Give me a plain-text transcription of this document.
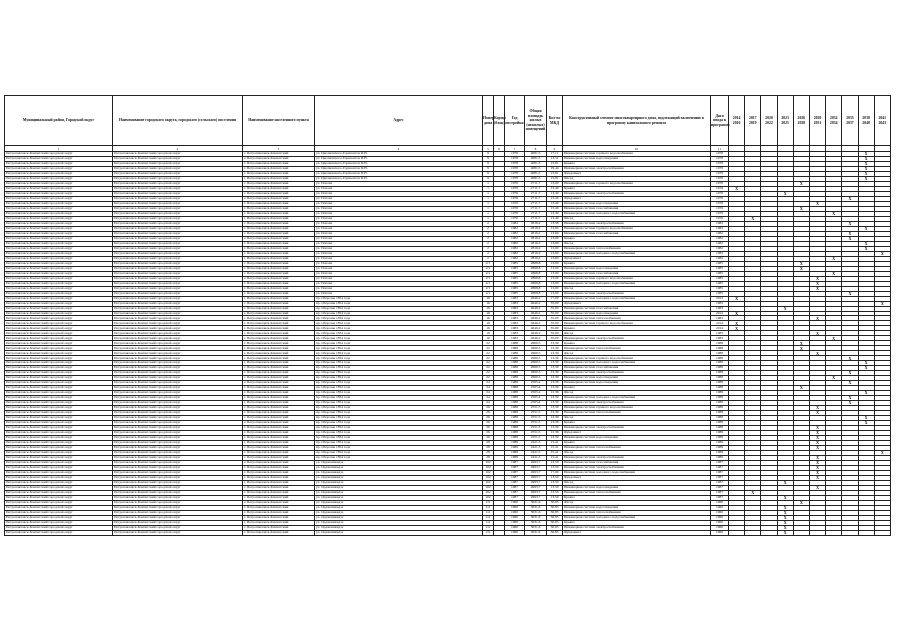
Муниципальный район, Городской округ	Наименование городского округа, городского (сельского) поселения	Наименование населенного пункта	Адрес	Номер дома	Корпус (блок)	Год постройки	Общая площадь жилых (нежилых) помещений	Кол-во МКД	Конструктивный элемент многоквартирного дома, подлежащий включению в программу капитального ремонта	Дата ввода в программу	2014 2016	2017 2019	2020 2022	2023 2025	2026 2028	2029 2031	2032 2034	2035 2037	2038 2040	2041 2043
1	2	3	4	5	6	7	8	9	10	11										
Петропавловск-Камчатский городской округ	Петропавловск-Камчатский городской округ	г. Петропавловск-Камчатский	ул. Циолковского-Горизонтов П.Н.	9		1978	4081,5	17,11	Инженерная система горячего водоснабжения	1978									X	
Петропавловск-Камчатский городской округ	Петропавловск-Камчатский городской округ	г. Петропавловск-Камчатский	ул. Циолковского-Горизонтов П.Н.	9		1978	4081,5	13,51	Инженерная система водоотведения	1978									X	
Петропавловск-Камчатский городской округ	Петропавловск-Камчатский городской округ	г. Петропавловск-Камчатский	ул. Циолковского-Горизонтов П.Н.	9		1978	4081,5	15,81	Крыша	1978									X	
Петропавловск-Камчатский городской округ	Петропавловск-Камчатский городской округ	г. Петропавловск-Камчатский	ул. Циолковского-Горизонтов П.Н.	9		1978	4081,5	29,44	Инженерная система электроснабжения	1978									X	
Петропавловск-Камчатский городской округ	Петропавловск-Камчатский городской округ	г. Петропавловск-Камчатский	ул. Циолковского-Горизонтов П.Н.	9		1978	4081,5	15,81	Фундамент	1978									X	
Петропавловск-Камчатский городской округ	Петропавловск-Камчатский городской округ	г. Петропавловск-Камчатский	ул. Циолковского-Горизонтов П.Н.	9		1978	4081,5	15,81	Фасад	1978									X	
Петропавловск-Камчатский городской округ	Петропавловск-Камчатский городской округ	г. Петропавловск-Камчатский	ул. Попова	1		1976	2711,7	13,00	Инженерная система горячего водоснабжения	1976					X					
Петропавловск-Камчатский городской округ	Петропавловск-Камчатский городской округ	г. Петропавловск-Камчатский	ул. Попова	1		1976	2711,7	13,49	Крыша	1976	X									
Петропавловск-Камчатский городской округ	Петропавловск-Камчатский городской округ	г. Петропавловск-Камчатский	ул. Попова	1		1976	2711,7	13,49	Инженерная система электроснабжения	1976				X						
Петропавловск-Камчатский городской округ	Петропавловск-Камчатский городской округ	г. Петропавловск-Камчатский	ул. Попова	1		1976	2711,7	13,49	Фундамент	1976								X		
Петропавловск-Камчатский городской округ	Петропавловск-Камчатский городской округ	г. Петропавловск-Камчатский	ул. Попова	1		1976	2711,7	13,49	Инженерная система водоотведения	1976						X				
Петропавловск-Камчатский городской округ	Петропавловск-Камчатский городской округ	г. Петропавловск-Камчатский	ул. Попова	1		1976	2711,7	13,49	Инженерная система газоснабжения	1976					X					
Петропавловск-Камчатский городской округ	Петропавловск-Камчатский городской округ	г. Петропавловск-Камчатский	ул. Попова	1		1976	2711,7	13,49	Инженерная система холодного водоснабжения	1976							X			
Петропавловск-Камчатский городской округ	Петропавловск-Камчатский городской округ	г. Петропавловск-Камчатский	ул. Попова	1		1976	2711,7	13,49	Фасад	1976		X								
Петропавловск-Камчатский городской округ	Петропавловск-Камчатский городской округ	г. Петропавловск-Камчатский	ул. Попова	2		1982	2816,2	13,38	Инженерная система электроснабжения	1982								X		
Петропавловск-Камчатский городской округ	Петропавловск-Камчатский городской округ	г. Петропавловск-Камчатский	ул. Попова	2		1982	2816,2	13,84	Инженерная система горячего водоснабжения	1982									X	
Петропавловск-Камчатский городской округ	Петропавловск-Камчатский городской округ	г. Петропавловск-Камчатский	ул. Попова	2		1982	2816,2	13,60	Инженерная система газоснабжения	1982								X		
Петропавловск-Камчатский городской округ	Петропавловск-Камчатский городской округ	г. Петропавловск-Камчатский	ул. Попова	2		1982	2816,2	13,60	Крыша	1982								X		
Петропавловск-Камчатский городской округ	Петропавловск-Камчатский городской округ	г. Петропавловск-Камчатский	ул. Попова	2		1982	2816,2	13,60	Фасад	1982									X	
Петропавловск-Камчатский городской округ	Петропавловск-Камчатский городской округ	г. Петропавловск-Камчатский	ул. Попова	2		1982	2816,2	13,60	Инженерная система теплоснабжения	1982									X	
Петропавловск-Камчатский городской округ	Петропавловск-Камчатский городской округ	г. Петропавловск-Камчатский	ул. Попова	2		1982	2816,2	13,60	Инженерная система холодного водоснабжения	1982										X
Петропавловск-Камчатский городской округ	Петропавловск-Камчатский городской округ	г. Петропавловск-Камчатский	ул. Попова	2		1982	2816,2	13,60	Фундамент	1982							X			
Петропавловск-Камчатский городской округ	Петропавловск-Камчатский городской округ	г. Петропавловск-Камчатский	ул. Попова	2/1		1985	2868,8	13,00	Крыша	1985					X					
Петропавловск-Камчатский городской округ	Петропавловск-Камчатский городской округ	г. Петропавловск-Камчатский	ул. Попова	2/1		1985	2868,8	13,00	Инженерная система водоотведения	1985					X					
Петропавловск-Камчатский городской округ	Петропавловск-Камчатский городской округ	г. Петропавловск-Камчатский	ул. Попова	2/1		1985	2868,8	13,00	Инженерная система газоснабжения	1985							X			
Петропавловск-Камчатский городской округ	Петропавловск-Камчатский городской округ	г. Петропавловск-Камчатский	ул. Попова	2/1		1985	2868,8	13,00	Инженерная система горячего водоснабжения	1985						X				
Петропавловск-Камчатский городской округ	Петропавловск-Камчатский городской округ	г. Петропавловск-Камчатский	ул. Попова	2/1		1985	2868,8	13,00	Инженерная система холодного водоснабжения	1985						X				
Петропавловск-Камчатский городской округ	Петропавловск-Камчатский городской округ	г. Петропавловск-Камчатский	ул. Попова	2/1		1985	2868,8	13,00	Фасад	1985						X				
Петропавловск-Камчатский городской округ	Петропавловск-Камчатский городской округ	г. Петропавловск-Камчатский	ул. Попова	2/1		1985	2868,8	13,00	Инженерная система электроснабжения	1985								X		
Петропавловск-Камчатский городской округ	Петропавловск-Камчатский городской округ	г. Петропавловск-Камчатский	пр. Обороны 1854 года	16		1983	4646,2	17,00	Инженерная система холодного водоснабжения	2013	X									
Петропавловск-Камчатский городской округ	Петропавловск-Камчатский городской округ	г. Петропавловск-Камчатский	пр. Обороны 1854 года	16		1983	4646,2	35,00	Фундамент	1983										X
Петропавловск-Камчатский городской округ	Петропавловск-Камчатский городской округ	г. Петропавловск-Камчатский	пр. Обороны 1854 года	16		1983	4646,2	35,00	Инженерная система газоснабжения	1983				X						
Петропавловск-Камчатский городской округ	Петропавловск-Камчатский городской округ	г. Петропавловск-Камчатский	пр. Обороны 1854 года	16		1983	4646,2	35,00	Инженерная система водоотведения	2014	X									
Петропавловск-Камчатский городской округ	Петропавловск-Камчатский городской округ	г. Петропавловск-Камчатский	пр. Обороны 1854 года	16		1983	4646,2	35,00	Инженерная система теплоснабжения	1983						X				
Петропавловск-Камчатский городской округ	Петропавловск-Камчатский городской округ	г. Петропавловск-Камчатский	пр. Обороны 1854 года	16		1983	4646,2	35,00	Инженерная система горячего водоснабжения	2014	X									
Петропавловск-Камчатский городской округ	Петропавловск-Камчатский городской округ	г. Петропавловск-Камчатский	пр. Обороны 1854 года	16		1983	4646,2	35,00	Крыша	2014	X									
Петропавловск-Камчатский городской округ	Петропавловск-Камчатский городской округ	г. Петропавловск-Камчатский	пр. Обороны 1854 года	16		1983	4646,2	35,00	Фасад	1983						X				
Петропавловск-Камчатский городской округ	Петропавловск-Камчатский городской округ	г. Петропавловск-Камчатский	пр. Обороны 1854 года	16		1983	4646,2	35,00	Инженерная система электроснабжения	1983							X			
Петропавловск-Камчатский городской округ	Петропавловск-Камчатский городской округ	г. Петропавловск-Камчатский	пр. Обороны 1854 года	22		1988	2660,5	13,39	Крыша	1988					X					
Петропавловск-Камчатский городской округ	Петропавловск-Камчатский городской округ	г. Петропавловск-Камчатский	пр. Обороны 1854 года	22		1988	2660,5	13,39	Инженерная система теплоснабжения	1988					X					
Петропавловск-Камчатский городской округ	Петропавловск-Камчатский городской округ	г. Петропавловск-Камчатский	пр. Обороны 1854 года	22		1988	2660,5	13,39	Фасад	1988						X				
Петропавловск-Камчатский городской округ	Петропавловск-Камчатский городской округ	г. Петропавловск-Камчатский	пр. Обороны 1854 года	22		1988	2660,5	13,39	Инженерная система горячего водоснабжения	1988								X		
Петропавловск-Камчатский городской округ	Петропавловск-Камчатский городской округ	г. Петропавловск-Камчатский	пр. Обороны 1854 года	22		1988	2660,5	13,39	Инженерная система холодного водоснабжения	1988									X	
Петропавловск-Камчатский городской округ	Петропавловск-Камчатский городской округ	г. Петропавловск-Камчатский	пр. Обороны 1854 года	22		1988	2660,5	13,39	Инженерная система газоснабжения	1988									X	
Петропавловск-Камчатский городской округ	Петропавловск-Камчатский городской округ	г. Петропавловск-Камчатский	пр. Обороны 1854 года	22		1988	2660,5	13,39	Инженерная система электроснабжения	1988								X		
Петропавловск-Камчатский городской округ	Петропавловск-Камчатский городской округ	г. Петропавловск-Камчатский	пр. Обороны 1854 года	22		1988	2660,5	13,39	Инженерная система водоотведения	1988							X			
Петропавловск-Камчатский городской округ	Петропавловск-Камчатский городской округ	г. Петропавловск-Камчатский	пр. Обороны 1854 года	24		1988	2565,4	13,39	Инженерная система водоотведения	1988								X		
Петропавловск-Камчатский городской округ	Петропавловск-Камчатский городской округ	г. Петропавловск-Камчатский	пр. Обороны 1854 года	24		1988	2565,4	13,39	Крыша	1988					X					
Петропавловск-Камчатский городской округ	Петропавловск-Камчатский городской округ	г. Петропавловск-Камчатский	пр. Обороны 1854 года	24		1988	2565,4	13,39	Фасад	1988									X	
Петропавловск-Камчатский городской округ	Петропавловск-Камчатский городской округ	г. Петропавловск-Камчатский	пр. Обороны 1854 года	24		1988	2565,4	13,39	Инженерная система холодного водоснабжения	1988								X		
Петропавловск-Камчатский городской округ	Петропавловск-Камчатский городской округ	г. Петропавловск-Камчатский	пр. Обороны 1854 года	24		1988	2565,4	13,39	Инженерная система электроснабжения	1988								X		
Петропавловск-Камчатский городской округ	Петропавловск-Камчатский городской округ	г. Петропавловск-Камчатский	пр. Обороны 1854 года	26		1988	2551,5	13,39	Инженерная система горячего водоснабжения	1988						X				
Петропавловск-Камчатский городской округ	Петропавловск-Камчатский городской округ	г. Петропавловск-Камчатский	пр. Обороны 1854 года	26		1988	2551,5	13,39	Инженерная система теплоснабжения	1988						X				
Петропавловск-Камчатский городской округ	Петропавловск-Камчатский городской округ	г. Петропавловск-Камчатский	пр. Обороны 1854 года	26		1988	2551,5	13,39	Фасад	1988									X	
Петропавловск-Камчатский городской округ	Петропавловск-Камчатский городской округ	г. Петропавловск-Камчатский	пр. Обороны 1854 года	26		1988	2551,5	13,39	Крыша	1988									X	
Петропавловск-Камчатский городской округ	Петропавловск-Камчатский городской округ	г. Петропавловск-Камчатский	пр. Обороны 1854 года	26		1988	2551,5	13,39	Инженерная система электроснабжения	1988						X				
Петропавловск-Камчатский городской округ	Петропавловск-Камчатский городской округ	г. Петропавловск-Камчатский	пр. Обороны 1854 года	26		1988	2551,5	13,39	Фундамент	1988						X				
Петропавловск-Камчатский городской округ	Петропавловск-Камчатский городской округ	г. Петропавловск-Камчатский	пр. Обороны 1854 года	26		1988	2551,5	13,39	Инженерная система водоотведения	1988						X				
Петропавловск-Камчатский городской округ	Петропавловск-Камчатский городской округ	г. Петропавловск-Камчатский	пр. Обороны 1854 года	28		1989	2421,5	15,41	Крыша	1989						X				
Петропавловск-Камчатский городской округ	Петропавловск-Камчатский городской округ	г. Петропавловск-Камчатский	пр. Обороны 1854 года	28		1989	2421,5	15,41	Инженерная система теплоснабжения	1989						X				
Петропавловск-Камчатский городской округ	Петропавловск-Камчатский городской округ	г. Петропавловск-Камчатский	пр. Обороны 1854 года	28		1989	2421,5	15,41	Фасад	1989										X
Петропавловск-Камчатский городской округ	Петропавловск-Камчатский городской округ	г. Петропавловск-Камчатский	пр. Обороны 1854 года	28		1989	2421,5	15,41	Инженерная система электроснабжения	1989						X				
Петропавловск-Камчатский городской округ	Петропавловск-Камчатский городской округ	г. Петропавловск-Камчатский	ул. Орджоникидзе	102		1987	4993,7	13,50	Инженерная система газоснабжения	1987						X				
Петропавловск-Камчатский городской округ	Петропавловск-Камчатский городской округ	г. Петропавловск-Камчатский	ул. Орджоникидзе	102		1987	4993,7	13,50	Инженерная система электроснабжения	1987						X				
Петропавловск-Камчатский городской округ	Петропавловск-Камчатский городской округ	г. Петропавловск-Камчатский	ул. Орджоникидзе	102		1987	4993,7	17,00	Инженерная система холодного водоснабжения	1987						X				
Петропавловск-Камчатский городской округ	Петропавловск-Камчатский городской округ	г. Петропавловск-Камчатский	ул. Орджоникидзе	102		1987	4993,7	13,50	Фундамент	1987						X				
Петропавловск-Камчатский городской округ	Петропавловск-Камчатский городской округ	г. Петропавловск-Камчатский	ул. Орджоникидзе	102		1987	4993,7	13,50	Фасад	1987				X						
Петропавловск-Камчатский городской округ	Петропавловск-Камчатский городской округ	г. Петропавловск-Камчатский	ул. Орджоникидзе	102		1987	4993,7	13,50	Инженерная система водоотведения	1987						X				
Петропавловск-Камчатский городской округ	Петропавловск-Камчатский городской округ	г. Петропавловск-Камчатский	ул. Орджоникидзе	102		1987	4993,7	13,50	Инженерная система теплоснабжения	1987		X								
Петропавловск-Камчатский городской округ	Петропавловск-Камчатский городской округ	г. Петропавловск-Камчатский	ул. Орджоникидзе	102		1987	4993,7	13,50	Крыша	1987				X						
Петропавловск-Камчатский городской округ	Петропавловск-Камчатский городской округ	г. Петропавловск-Камчатский	ул. Орджоникидзе	111		1960	3031,6	30,85	Фасад	1960					X					
Петропавловск-Камчатский городской округ	Петропавловск-Камчатский городской округ	г. Петропавловск-Камчатский	ул. Орджоникидзе	111		1960	3031,6	30,85	Инженерная система водоотведения	1960				X						
Петропавловск-Камчатский городской округ	Петропавловск-Камчатский городской округ	г. Петропавловск-Камчатский	ул. Орджоникидзе	111		1960	3031,6	30,85	Инженерная система теплоснабжения	1960				X						
Петропавловск-Камчатский городской округ	Петропавловск-Камчатский городской округ	г. Петропавловск-Камчатский	ул. Орджоникидзе	111		1960	3031,6	30,85	Инженерная система холодного водоснабжения	1960				X						
Петропавловск-Камчатский городской округ	Петропавловск-Камчатский городской округ	г. Петропавловск-Камчатский	ул. Орджоникидзе	111		1960	3031,6	30,85	Крыша	1960				X						
Петропавловск-Камчатский городской округ	Петропавловск-Камчатский городской округ	г. Петропавловск-Камчатский	ул. Орджоникидзе	111		1960	3031,6	30,85	Инженерная система электроснабжения	1960				X						
Петропавловск-Камчатский городской округ	Петропавловск-Камчатский городской округ	г. Петропавловск-Камчатский	ул. Орджоникидзе	111		1960	3031,6	30,85	Фундамент	1960				X						
